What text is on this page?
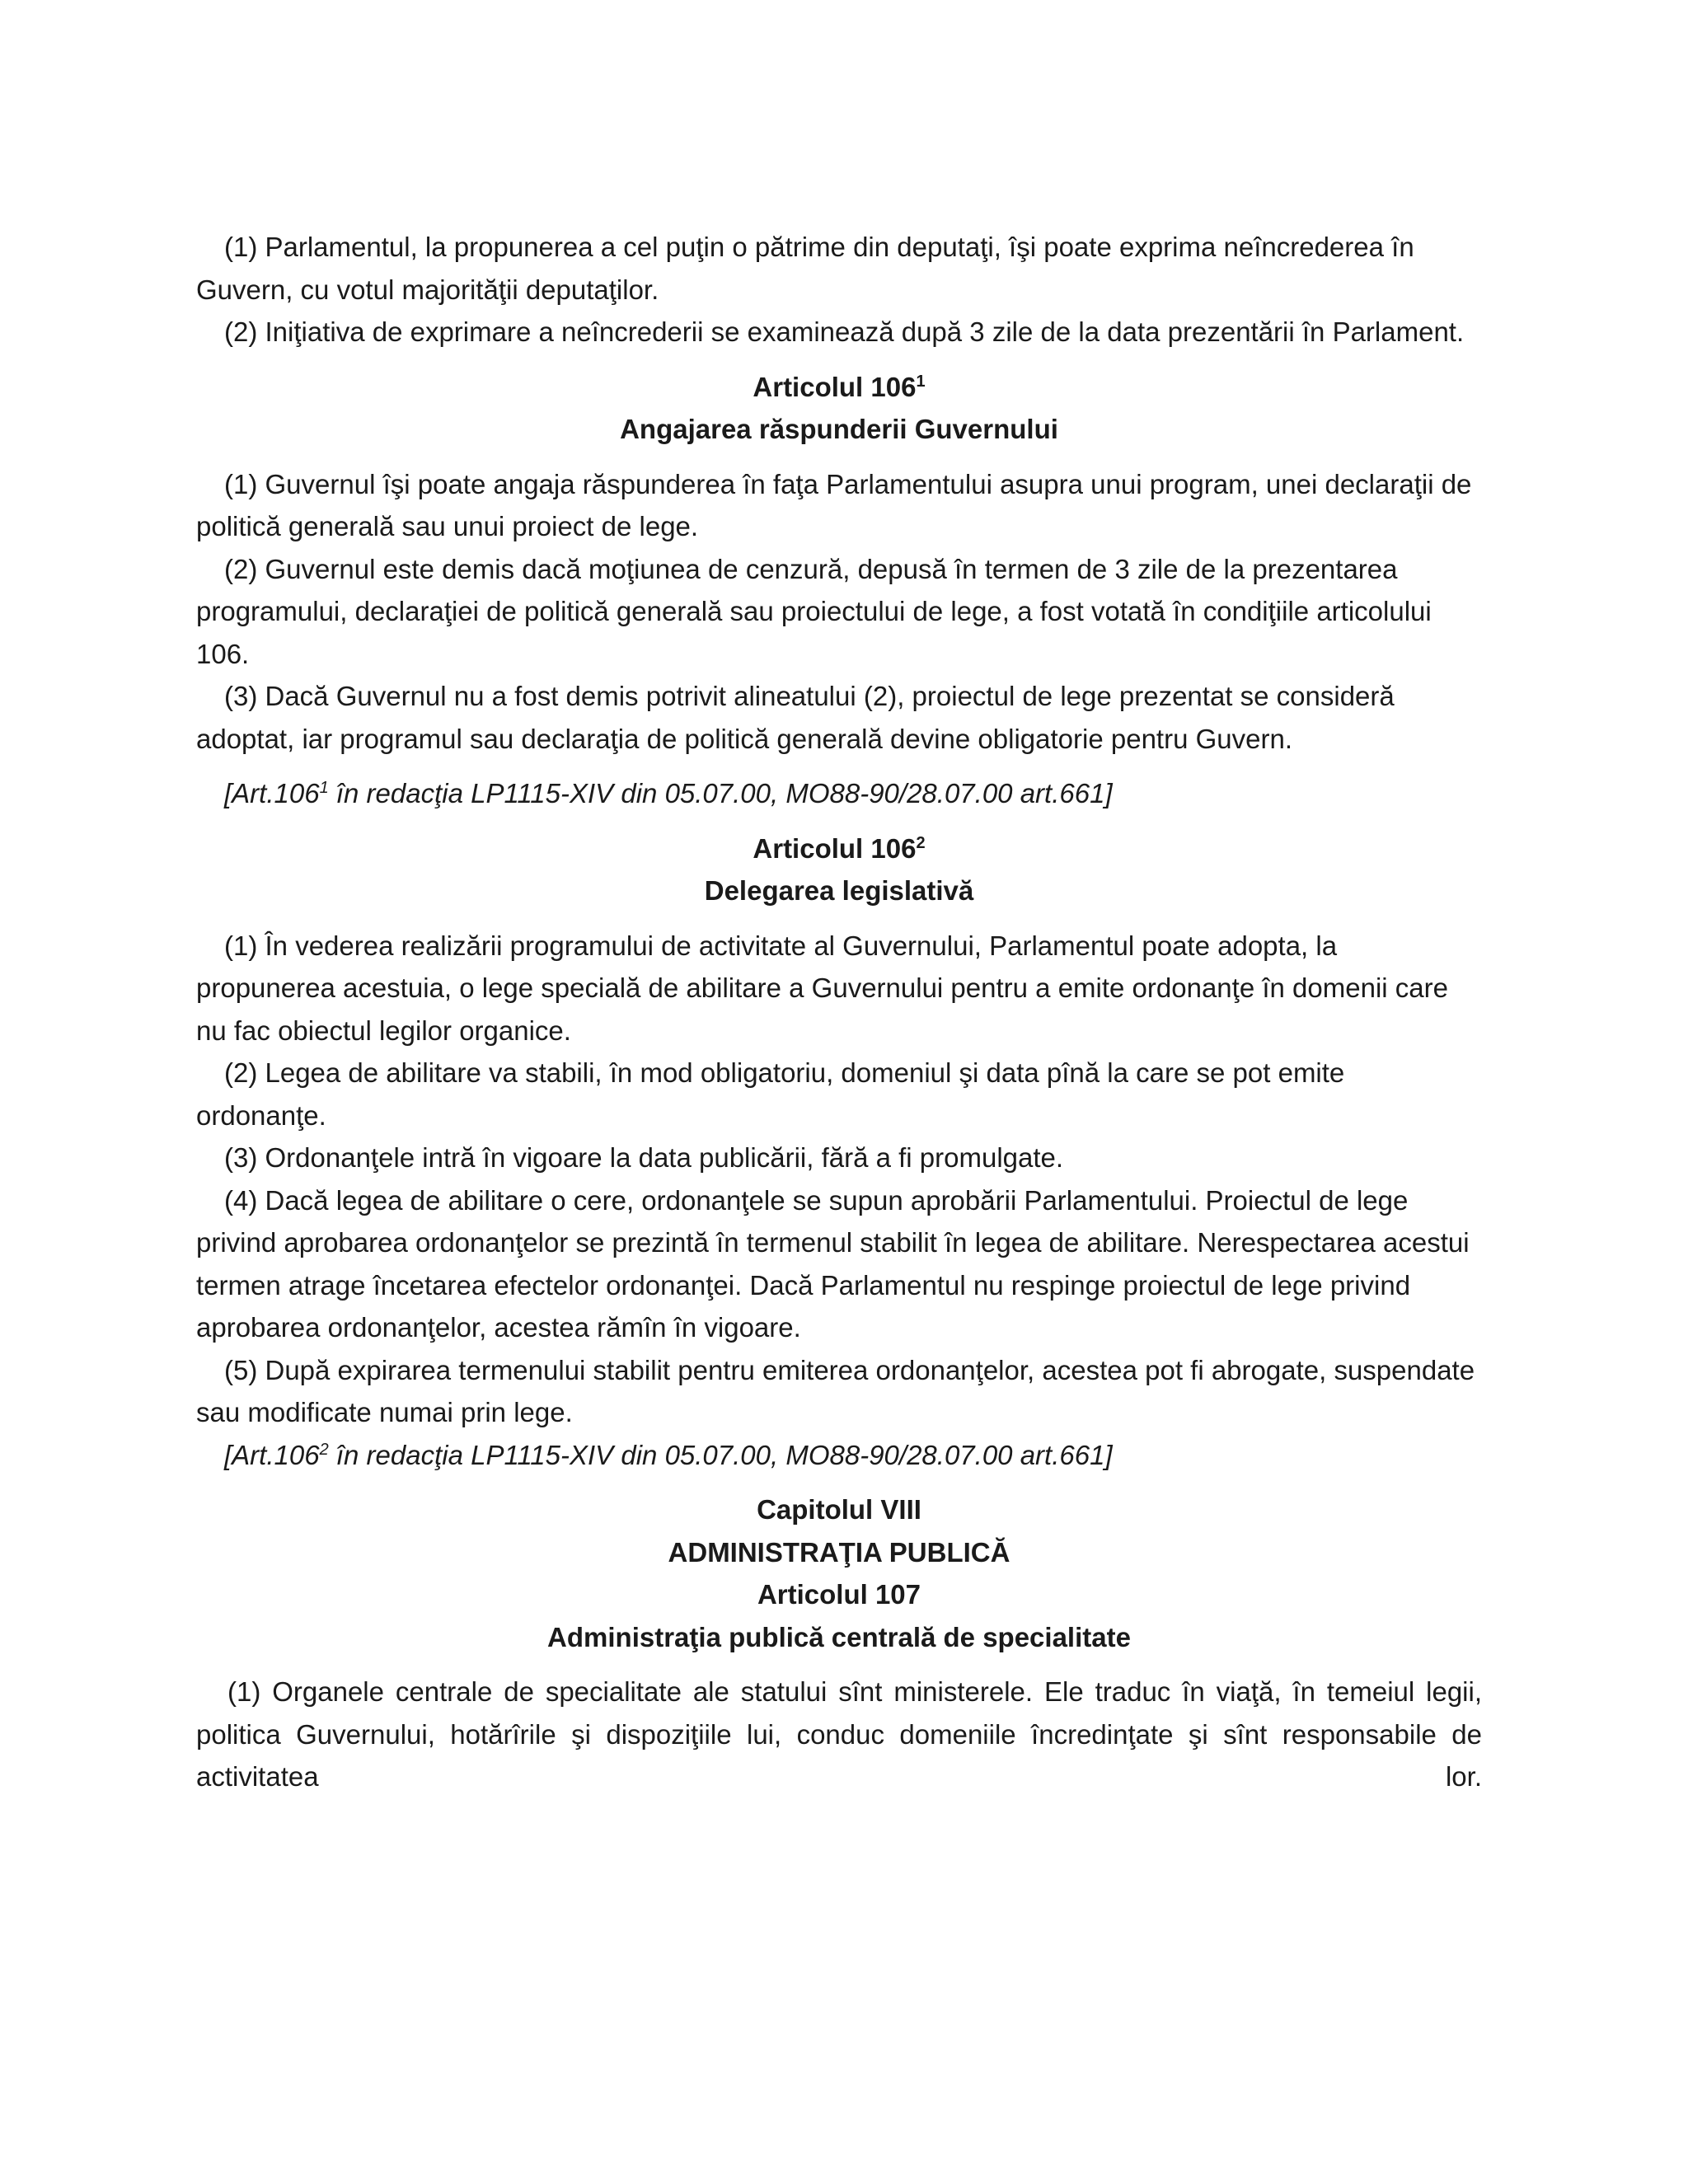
(1) Parlamentul, la propunerea a cel puţin o pătrime din deputaţi, îşi poate exprima neîncrederea în Guvern, cu votul majorităţii deputaţilor.

(2) Iniţiativa de exprimare a neîncrederii se examinează după 3 zile de la data prezentării în Parlament.

Articolul $106^1$

Angajarea răspunderii Guvernului

(1) Guvernul îşi poate angaja răspunderea în faţa Parlamentului asupra unui program, unei declaraţii de politică generală sau unui proiect de lege.

(2) Guvernul este demis dacă moţiunea de cenzură, depusă în termen de 3 zile de la prezentarea programului, declaraţiei de politică generală sau proiectului de lege, a fost votată în condiţiile articolului 106.

(3) Dacă Guvernul nu a fost demis potrivit alineatului (2), proiectul de lege prezentat se consideră adoptat, iar programul sau declaraţia de politică generală devine obligatorie pentru Guvern.

[Art.106$^1$ în redacţia LP1115-XIV din 05.07.00, MO88-90/28.07.00 art.661]

Articolul $106^2$

Delegarea legislativă

(1) În vederea realizării programului de activitate al Guvernului, Parlamentul poate adopta, la propunerea acestuia, o lege specială de abilitare a Guvernului pentru a emite ordonanţe în domenii care nu fac obiectul legilor organice.

(2) Legea de abilitare va stabili, în mod obligatoriu, domeniul şi data pînă la care se pot emite ordonanţe.

(3) Ordonanţele intră în vigoare la data publicării, fără a fi promulgate.

(4) Dacă legea de abilitare o cere, ordonanţele se supun aprobării Parlamentului. Proiectul de lege privind aprobarea ordonanţelor se prezintă în termenul stabilit în legea de abilitare. Nerespectarea acestui termen atrage încetarea efectelor ordonanţei. Dacă Parlamentul nu respinge proiectul de lege privind aprobarea ordonanţelor, acestea rămîn în vigoare.

(5) După expirarea termenului stabilit pentru emiterea ordonanţelor, acestea pot fi abrogate, suspendate sau modificate numai prin lege.

[Art.106$^2$ în redacţia LP1115-XIV din 05.07.00, MO88-90/28.07.00 art.661]

Capitolul VIII

ADMINISTRAŢIA PUBLICĂ

Articolul 107

Administraţia publică centrală de specialitate

(1) Organele centrale de specialitate ale statului sînt ministerele. Ele traduc în viaţă, în temeiul legii, politica Guvernului, hotărîrile şi dispoziţiile lui, conduc domeniile încredinţate şi sînt responsabile de activitatea lor.
